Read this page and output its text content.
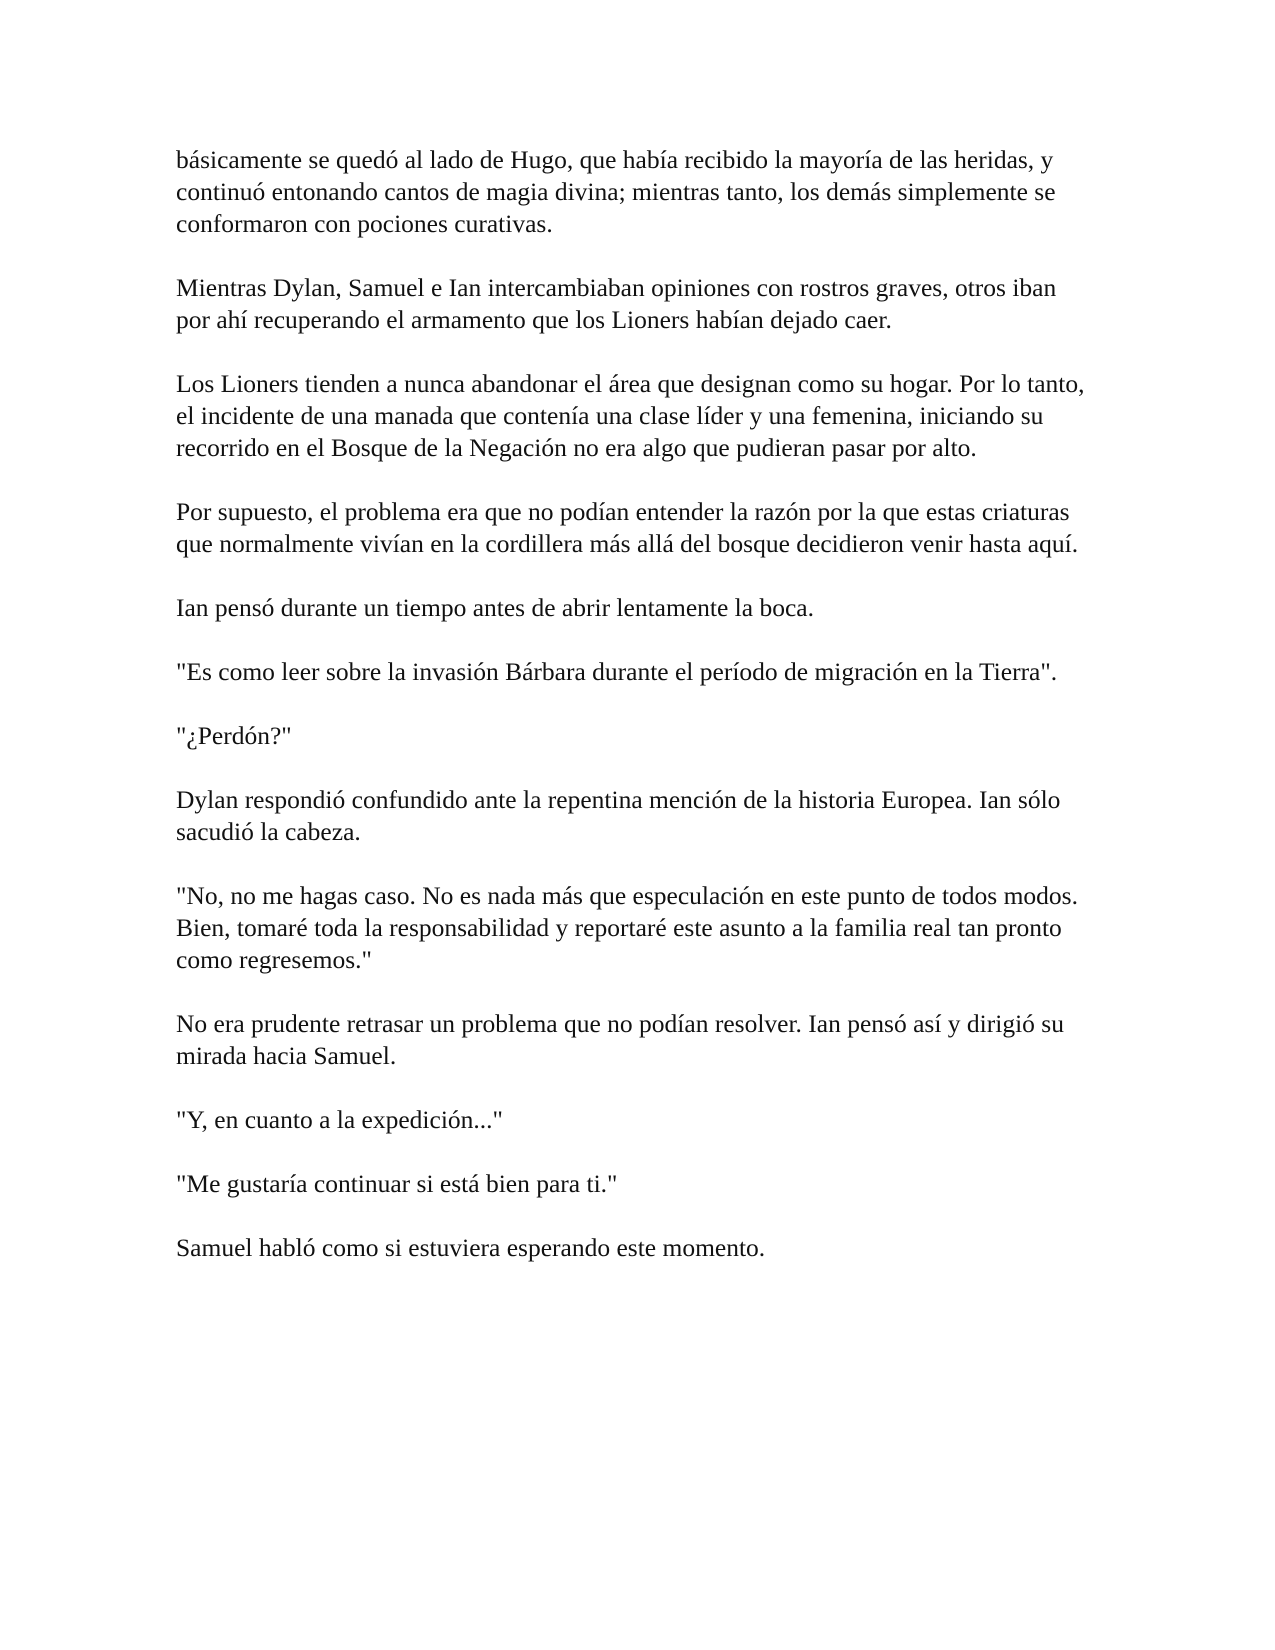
básicamente se quedó al lado de Hugo, que había recibido la mayoría de las heridas, y continuó entonando cantos de magia divina; mientras tanto, los demás simplemente se conformaron con pociones curativas.

Mientras Dylan, Samuel e Ian intercambiaban opiniones con rostros graves, otros iban por ahí recuperando el armamento que los Lioners habían dejado caer.

Los Lioners tienden a nunca abandonar el área que designan como su hogar. Por lo tanto, el incidente de una manada que contenía una clase líder y una femenina, iniciando su recorrido en el Bosque de la Negación no era algo que pudieran pasar por alto.

Por supuesto, el problema era que no podían entender la razón por la que estas criaturas que normalmente vivían en la cordillera más allá del bosque decidieron venir hasta aquí.

Ian pensó durante un tiempo antes de abrir lentamente la boca.

"Es como leer sobre la invasión Bárbara durante el período de migración en la Tierra".

"¿Perdón?"

Dylan respondió confundido ante la repentina mención de la historia Europea. Ian sólo sacudió la cabeza.

"No, no me hagas caso. No es nada más que especulación en este punto de todos modos. Bien, tomaré toda la responsabilidad y reportaré este asunto a la familia real tan pronto como regresemos."

No era prudente retrasar un problema que no podían resolver. Ian pensó así y dirigió su mirada hacia Samuel.

"Y, en cuanto a la expedición..."

"Me gustaría continuar si está bien para ti."

Samuel habló como si estuviera esperando este momento.
